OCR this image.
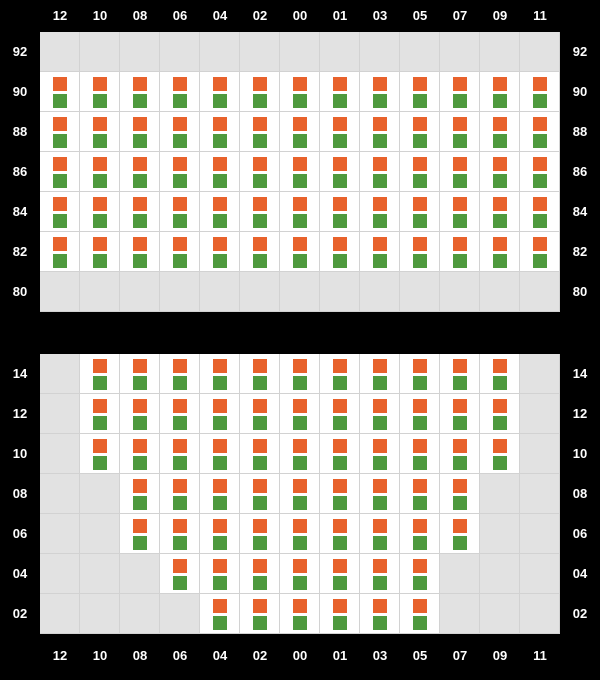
12	10	08	06	04	02	00	01	03	05	07	09	11
12	10	08	06	04	02	00	01	03	05	07	09	11
92	92
90	90
88	88
86	86
84	84
82	82
80	80
14	14
12	12
10	10
08	08
06	06
04	04
02	02
